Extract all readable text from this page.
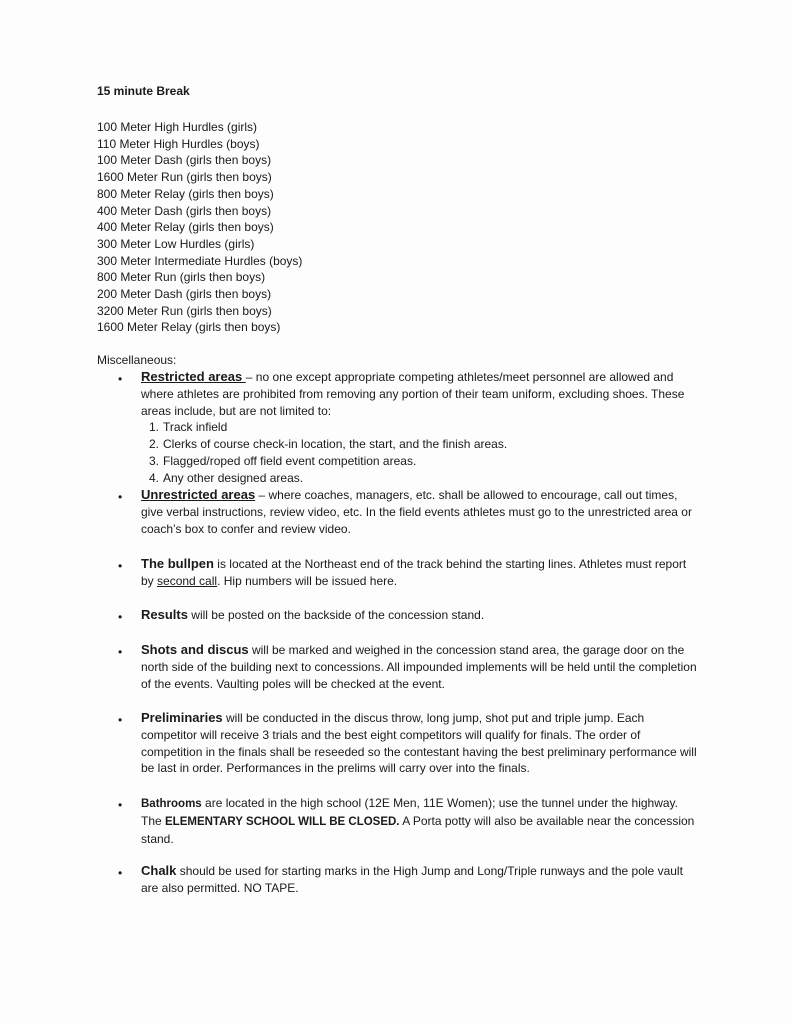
15 minute Break
100 Meter High Hurdles (girls)
110 Meter High Hurdles (boys)
100 Meter Dash (girls then boys)
1600 Meter Run (girls then boys)
800 Meter Relay (girls then boys)
400 Meter Dash (girls then boys)
400 Meter Relay (girls then boys)
300 Meter Low Hurdles (girls)
300 Meter Intermediate Hurdles (boys)
800 Meter Run (girls then boys)
200 Meter Dash (girls then boys)
3200 Meter Run (girls then boys)
1600 Meter Relay (girls then boys)
Miscellaneous:
• Restricted areas – no one except appropriate competing athletes/meet personnel are allowed and where athletes are prohibited from removing any portion of their team uniform, excluding shoes. These areas include, but are not limited to:
1. Track infield
2. Clerks of course check-in location, the start, and the finish areas.
3. Flagged/roped off field event competition areas.
4. Any other designed areas.
• Unrestricted areas – where coaches, managers, etc. shall be allowed to encourage, call out times, give verbal instructions, review video, etc. In the field events athletes must go to the unrestricted area or coach’s box to confer and review video.
• The bullpen is located at the Northeast end of the track behind the starting lines. Athletes must report by second call. Hip numbers will be issued here.
• Results will be posted on the backside of the concession stand.
• Shots and discus will be marked and weighed in the concession stand area, the garage door on the north side of the building next to concessions. All impounded implements will be held until the completion of the events. Vaulting poles will be checked at the event.
• Preliminaries will be conducted in the discus throw, long jump, shot put and triple jump. Each competitor will receive 3 trials and the best eight competitors will qualify for finals. The order of competition in the finals shall be reseeded so the contestant having the best preliminary performance will be last in order. Performances in the prelims will carry over into the finals.
• Bathrooms are located in the high school (12E Men, 11E Women); use the tunnel under the highway. The ELEMENTARY SCHOOL WILL BE CLOSED. A Porta potty will also be available near the concession stand.
• Chalk should be used for starting marks in the High Jump and Long/Triple runways and the pole vault are also permitted. NO TAPE.
